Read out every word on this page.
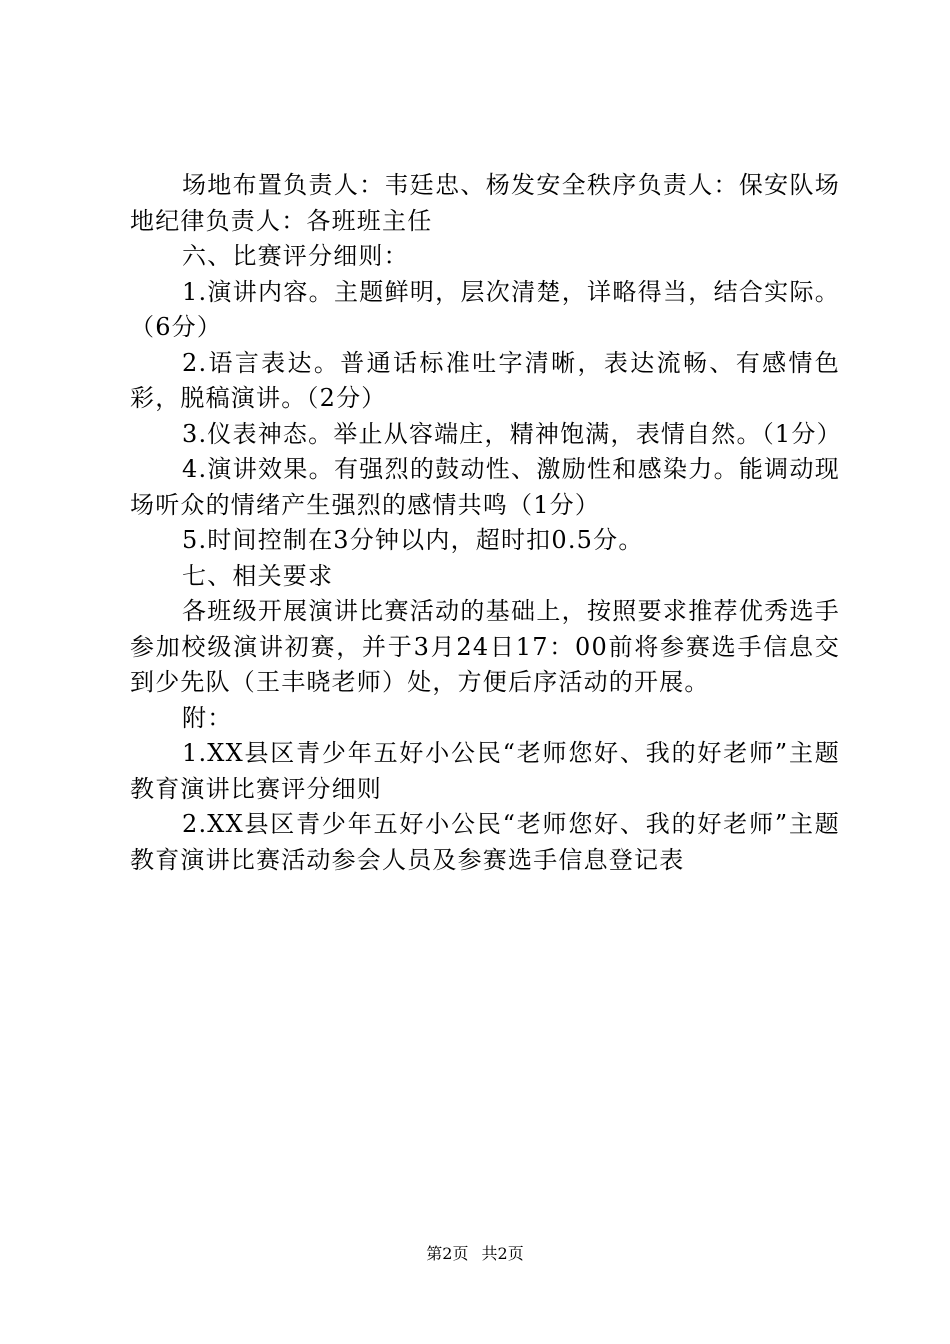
场地布置负责人：韦廷忠、杨发安全秩序负责人：保安队场地纪律负责人：各班班主任

六、比赛评分细则：

1.演讲内容。主题鲜明，层次清楚，详略得当，结合实际。（6分）

2.语言表达。普通话标准吐字清晰，表达流畅、有感情色彩，脱稿演讲。（2分）

3.仪表神态。举止从容端庄，精神饱满，表情自然。（1分）

4.演讲效果。有强烈的鼓动性、激励性和感染力。能调动现场听众的情绪产生强烈的感情共鸣（1分）

5.时间控制在3分钟以内，超时扣0.5分。

七、相关要求

各班级开展演讲比赛活动的基础上，按照要求推荐优秀选手参加校级演讲初赛，并于3月24日17：00前将参赛选手信息交到少先队（王丰晓老师）处，方便后序活动的开展。

附：

1.XX县区青少年五好小公民“老师您好、我的好老师”主题教育演讲比赛评分细则

2.XX县区青少年五好小公民“老师您好、我的好老师”主题教育演讲比赛活动参会人员及参赛选手信息登记表

第2页 共2页
